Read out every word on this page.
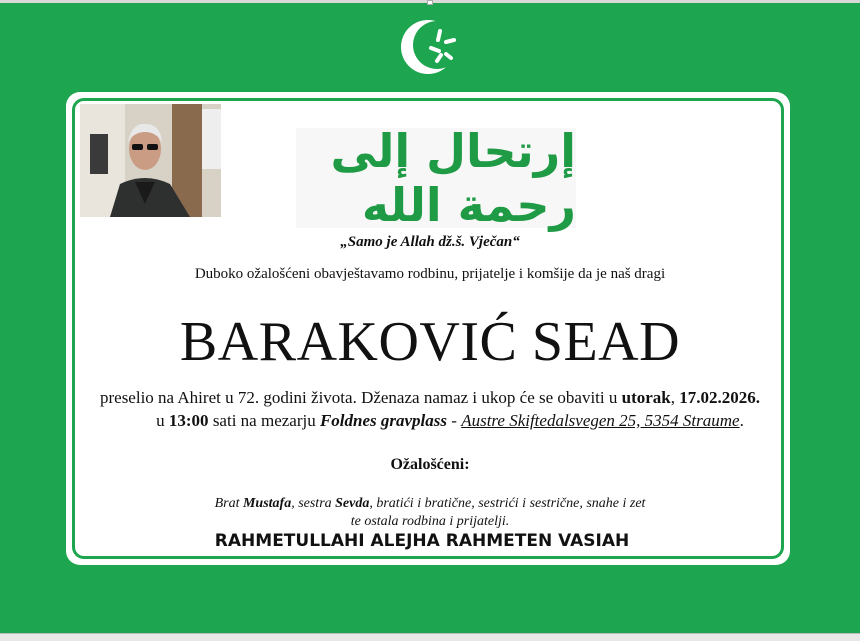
إرتحال إلى رحمة الله
„Samo je Allah dž.š. Vječan“
Duboko ožalošćeni obavještavamo rodbinu, prijatelje i komšije da je naš dragi
BARAKOVIĆ SEAD
preselio na Ahiret u 72. godini života. Dženaza namaz i ukop će se obaviti u utorak, 17.02.2026.
u 13:00 sati na mezarju Foldnes gravplass - Austre Skiftedalsvegen 25, 5354 Straume.
Ožalošćeni:
Brat Mustafa, sestra Sevda, bratići i bratične, sestrići i sestrične, snahe i zet
te ostala rodbina i prijatelji.
RAHMETULLAHI ALEJHA RAHMETEN VASIAH
